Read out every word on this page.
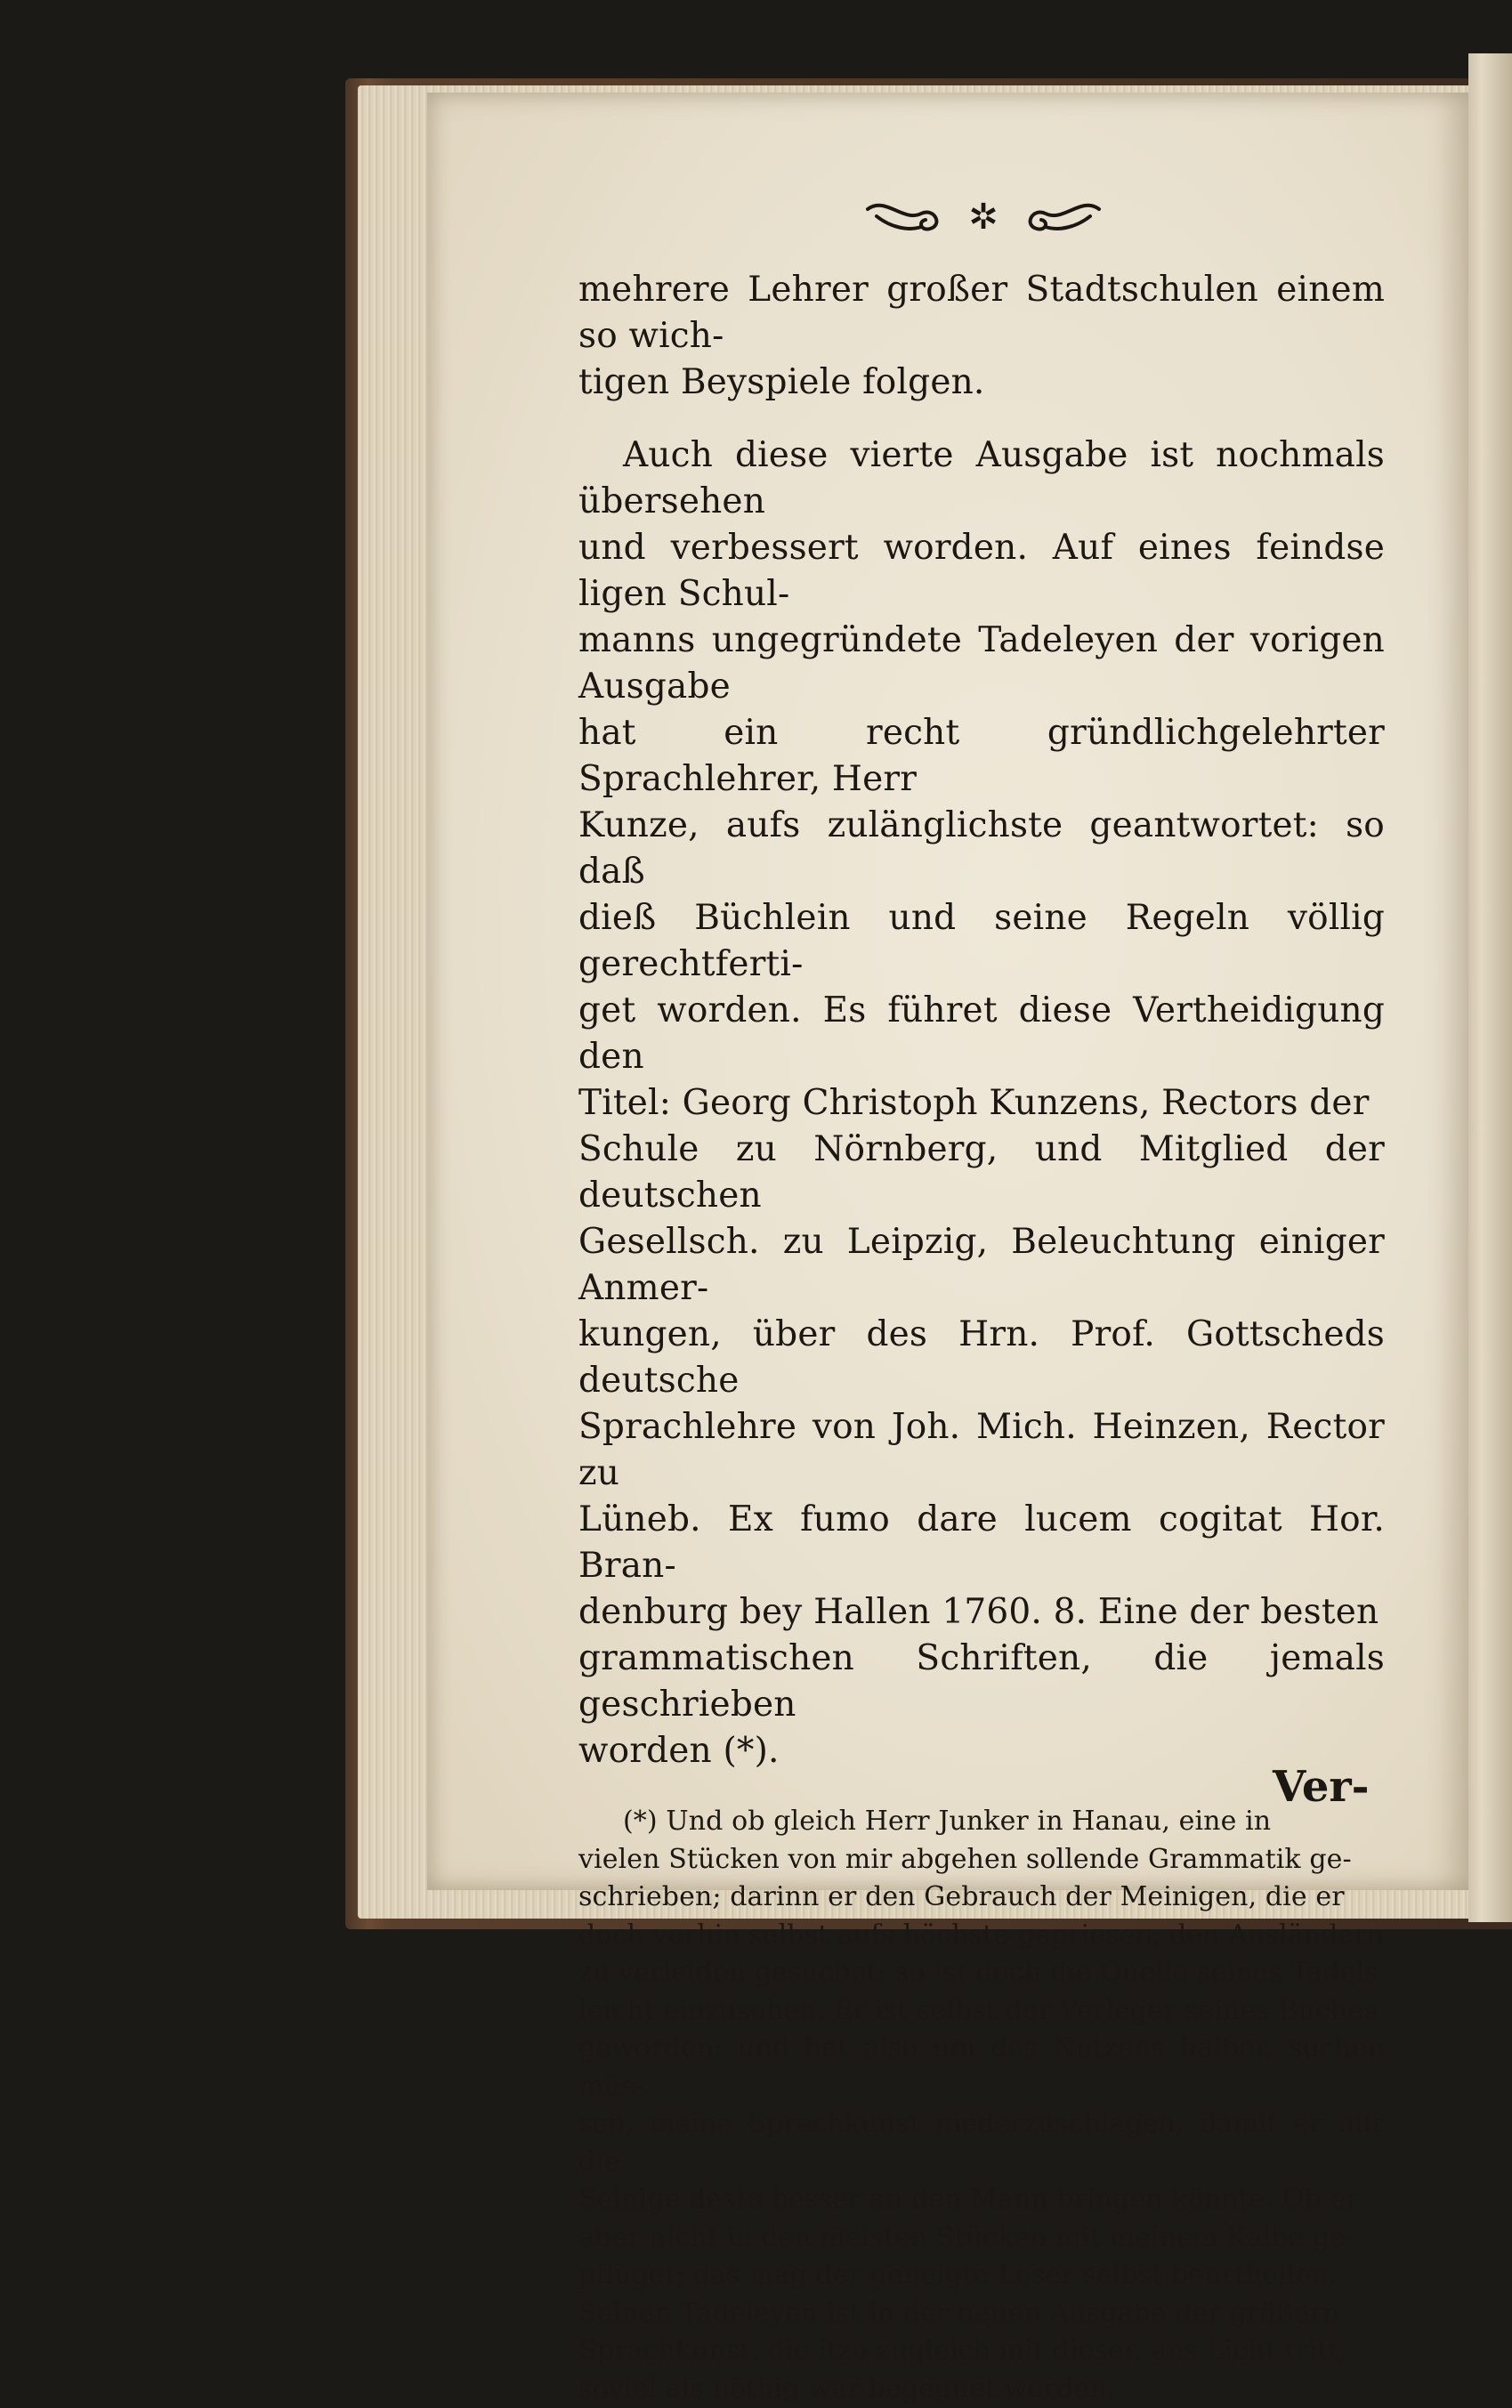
✲

mehrere Lehrer großer Stadtschulen einem so wich-
tigen Beyspiele folgen.

Auch diese vierte Ausgabe ist nochmals übersehen
und verbessert worden. Auf eines feindse ligen Schul-
manns ungegründete Tadeleyen der vorigen Ausgabe
hat ein recht gründlichgelehrter Sprachlehrer, Herr
Kunze, aufs zulänglichste geantwortet: so daß
dieß Büchlein und seine Regeln völlig gerechtferti-
get worden. Es führet diese Vertheidigung den
Titel: Georg Christoph Kunzens, Rectors der
Schule zu Nörnberg, und Mitglied der deutschen
Gesellsch. zu Leipzig, Beleuchtung einiger Anmer-
kungen, über des Hrn. Prof. Gottscheds deutsche
Sprachlehre von Joh. Mich. Heinzen, Rector zu
Lüneb. Ex fumo dare lucem cogitat Hor. Bran-
denburg bey Hallen 1760. 8. Eine der besten
grammatischen Schriften, die jemals geschrieben
worden (*).

(*) Und ob gleich Herr Junker in Hanau, eine in
vielen Stücken von mir abgehen sollende Grammatik ge-
schrieben; darinn er den Gebrauch der Meinigen, die er
doch vorhin selbst aufs höchste gepriesen, den Ausländern
zu verleiden gesuchet: so ist doch die Quelle seines Tadels
leicht einzusehen. Er ist selbst der Verleger seines Buches
geworden; und hat also um des Nutzens halber, suchen müs-
sen, meine Sprachkunst niederzuschlagen, damit er nur die
Seinige desto besser an den Mann bringen könnte. Ob er
aber nicht in den meisten Stücken mit meinem Kalbe ge-
pflüget; das mag der geneigte Leser selbst beurtheilen.
Seinen Tadeleyen ist in der neuen Ausgabe der größern
Sprachkunst, die itzo zugleich mit dieser, ans Licht tritt,
soviel als nöthig war begegnet worden.

Ver-
